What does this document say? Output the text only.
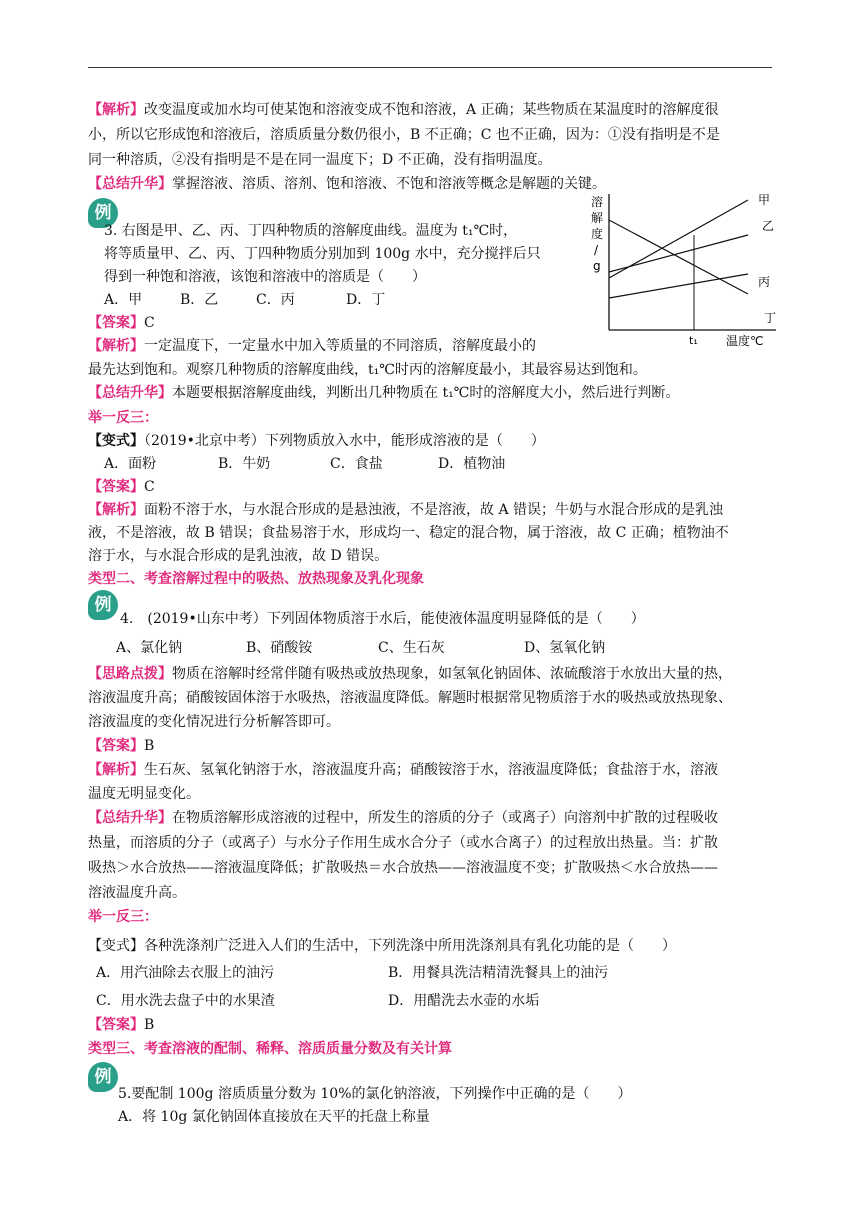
【解析】改变温度或加水均可使某饱和溶液变成不饱和溶液，A 正确；某些物质在某温度时的溶解度很
小，所以它形成饱和溶液后，溶质质量分数仍很小，B 不正确；C 也不正确，因为：①没有指明是不是
同一种溶质，②没有指明是不是在同一温度下；D 不正确，没有指明温度。
【总结升华】掌握溶液、溶质、溶剂、饱和溶液、不饱和溶液等概念是解题的关键。
例
3. 右图是甲、乙、丙、丁四种物质的溶解度曲线。温度为 t₁℃时，
将等质量甲、乙、丙、丁四种物质分别加到 100g 水中，充分搅拌后只
得到一种饱和溶液，该饱和溶液中的溶质是（　　）
A．甲	B．乙	C．丙	D．丁
【答案】C
【解析】一定温度下，一定量水中加入等质量的不同溶质，溶解度最小的
最先达到饱和。观察几种物质的溶解度曲线，t₁℃时丙的溶解度最小，其最容易达到饱和。
【总结升华】本题要根据溶解度曲线，判断出几种物质在 t₁℃时的溶解度大小，然后进行判断。
溶
解
度
/
g
甲
乙
丙
丁
t₁ 温度℃
举一反三：
【变式】（2019•北京中考）下列物质放入水中，能形成溶液的是（　　）
A．面粉	B．牛奶	C．食盐	D．植物油
【答案】C
【解析】面粉不溶于水，与水混合形成的是悬浊液，不是溶液，故 A 错误；牛奶与水混合形成的是乳浊
液，不是溶液，故 B 错误；食盐易溶于水，形成均一、稳定的混合物，属于溶液，故 C 正确；植物油不
溶于水，与水混合形成的是乳浊液，故 D 错误。
类型二、考查溶解过程中的吸热、放热现象及乳化现象
例
4.　(2019•山东中考）下列固体物质溶于水后，能使液体温度明显降低的是（　　）
A、氯化钠	B、硝酸铵	C、生石灰	D、氢氧化钠
【思路点拨】物质在溶解时经常伴随有吸热或放热现象，如氢氧化钠固体、浓硫酸溶于水放出大量的热，
溶液温度升高；硝酸铵固体溶于水吸热，溶液温度降低。解题时根据常见物质溶于水的吸热或放热现象、
溶液温度的变化情况进行分析解答即可。
【答案】B
【解析】生石灰、氢氧化钠溶于水，溶液温度升高；硝酸铵溶于水，溶液温度降低；食盐溶于水，溶液
温度无明显变化。
【总结升华】在物质溶解形成溶液的过程中，所发生的溶质的分子（或离子）向溶剂中扩散的过程吸收
热量，而溶质的分子（或离子）与水分子作用生成水合分子（或水合离子）的过程放出热量。当：扩散
吸热＞水合放热——溶液温度降低；扩散吸热＝水合放热——溶液温度不变；扩散吸热＜水合放热——
溶液温度升高。
举一反三：
【变式】各种洗涤剂广泛进入人们的生活中，下列洗涤中所用洗涤剂具有乳化功能的是（　　）
A．用汽油除去衣服上的油污	B．用餐具洗洁精清洗餐具上的油污
C．用水洗去盘子中的水果渣	D．用醋洗去水壶的水垢
【答案】B
类型三、考查溶液的配制、稀释、溶质质量分数及有关计算
例
5.要配制 100g 溶质质量分数为 10%的氯化钠溶液，下列操作中正确的是（　　）
A．将 10g 氯化钠固体直接放在天平的托盘上称量
